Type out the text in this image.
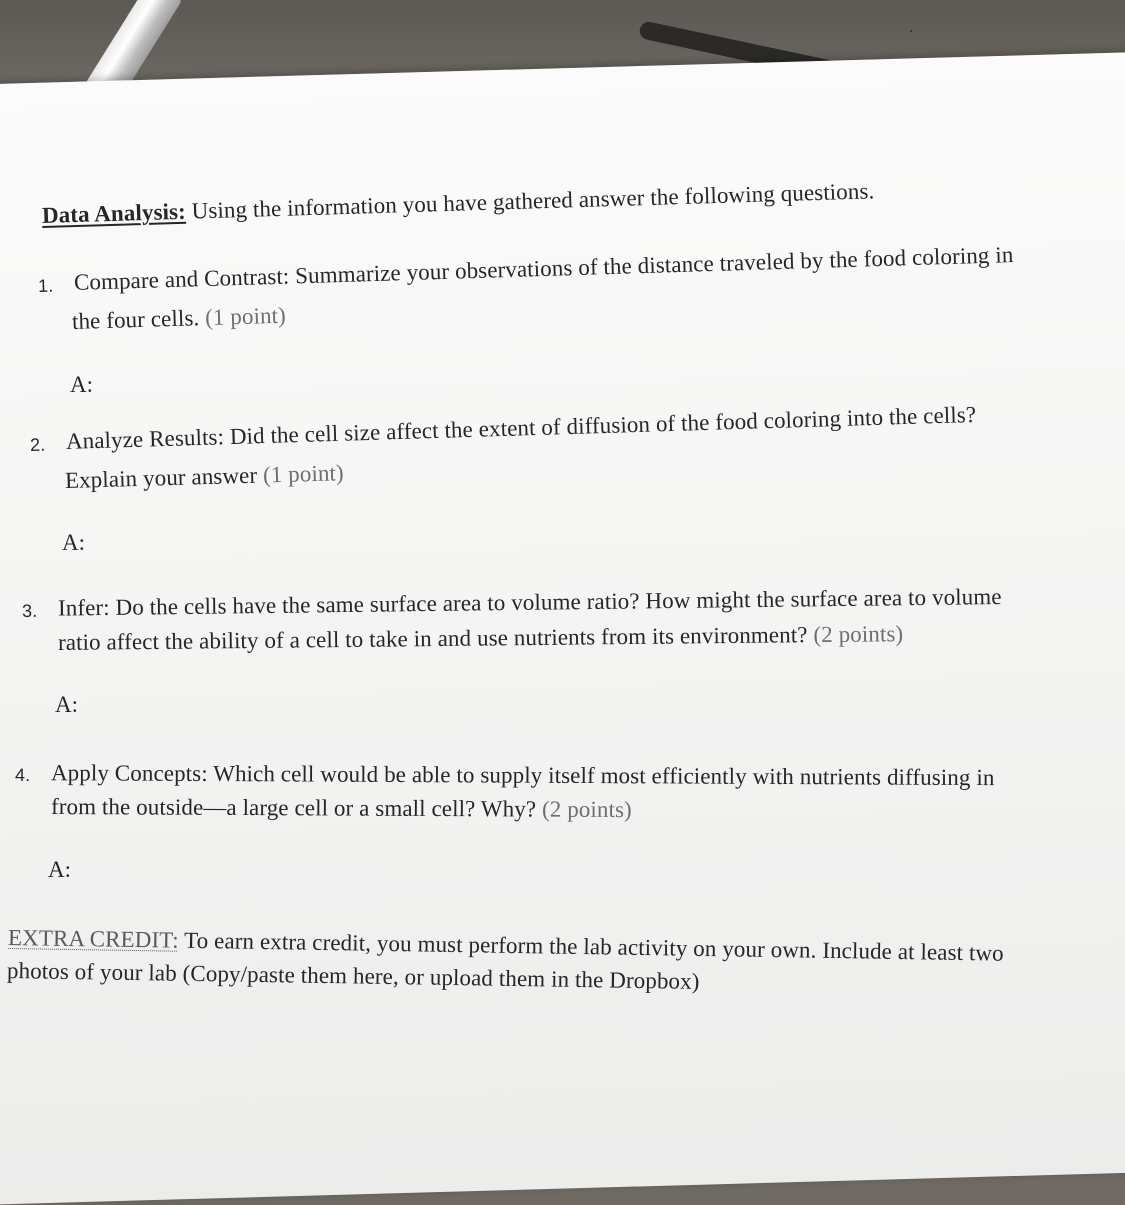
Data Analysis: Using the information you have gathered answer the following questions.
1. Compare and Contrast: Summarize your observations of the distance traveled by the food coloring in
the four cells. (1 point)
A:
2. Analyze Results: Did the cell size affect the extent of diffusion of the food coloring into the cells?
Explain your answer (1 point)
A:
3. Infer: Do the cells have the same surface area to volume ratio? How might the surface area to volume
ratio affect the ability of a cell to take in and use nutrients from its environment? (2 points)
A:
4. Apply Concepts: Which cell would be able to supply itself most efficiently with nutrients diffusing in
from the outside—a large cell or a small cell? Why? (2 points)
A:
EXTRA CREDIT: To earn extra credit, you must perform the lab activity on your own. Include at least two
photos of your lab (Copy/paste them here, or upload them in the Dropbox)
